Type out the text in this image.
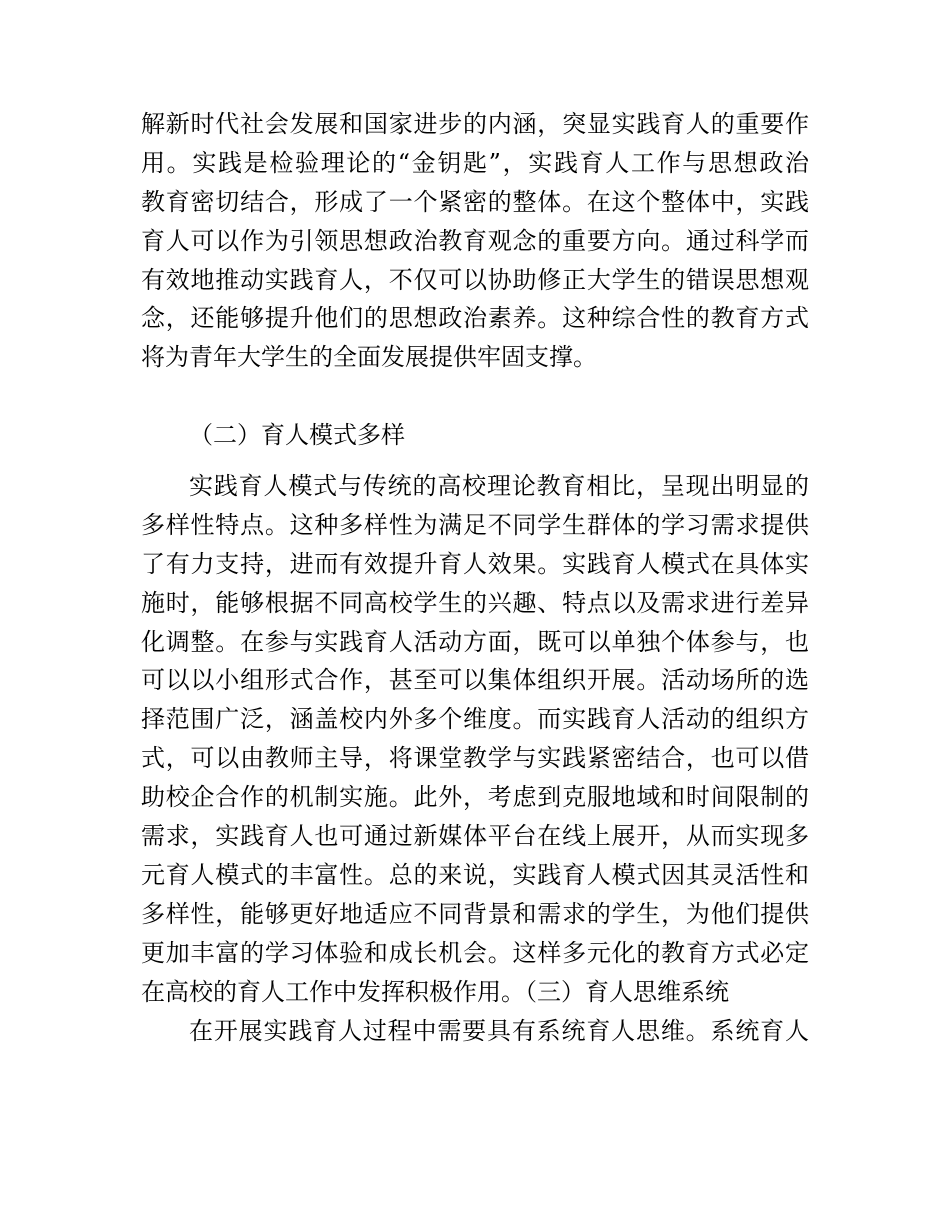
解新时代社会发展和国家进步的内涵，突显实践育人的重要作
用。实践是检验理论的“金钥匙”，实践育人工作与思想政治
教育密切结合，形成了一个紧密的整体。在这个整体中，实践
育人可以作为引领思想政治教育观念的重要方向。通过科学而
有效地推动实践育人，不仅可以协助修正大学生的错误思想观
念，还能够提升他们的思想政治素养。这种综合性的教育方式
将为青年大学生的全面发展提供牢固支撑。
（二）育人模式多样
实践育人模式与传统的高校理论教育相比，呈现出明显的
多样性特点。这种多样性为满足不同学生群体的学习需求提供
了有力支持，进而有效提升育人效果。实践育人模式在具体实
施时，能够根据不同高校学生的兴趣、特点以及需求进行差异
化调整。在参与实践育人活动方面，既可以单独个体参与，也
可以以小组形式合作，甚至可以集体组织开展。活动场所的选
择范围广泛，涵盖校内外多个维度。而实践育人活动的组织方
式，可以由教师主导，将课堂教学与实践紧密结合，也可以借
助校企合作的机制实施。此外，考虑到克服地域和时间限制的
需求，实践育人也可通过新媒体平台在线上展开，从而实现多
元育人模式的丰富性。总的来说，实践育人模式因其灵活性和
多样性，能够更好地适应不同背景和需求的学生，为他们提供
更加丰富的学习体验和成长机会。这样多元化的教育方式必定
在高校的育人工作中发挥积极作用。（三）育人思维系统
在开展实践育人过程中需要具有系统育人思维。系统育人
